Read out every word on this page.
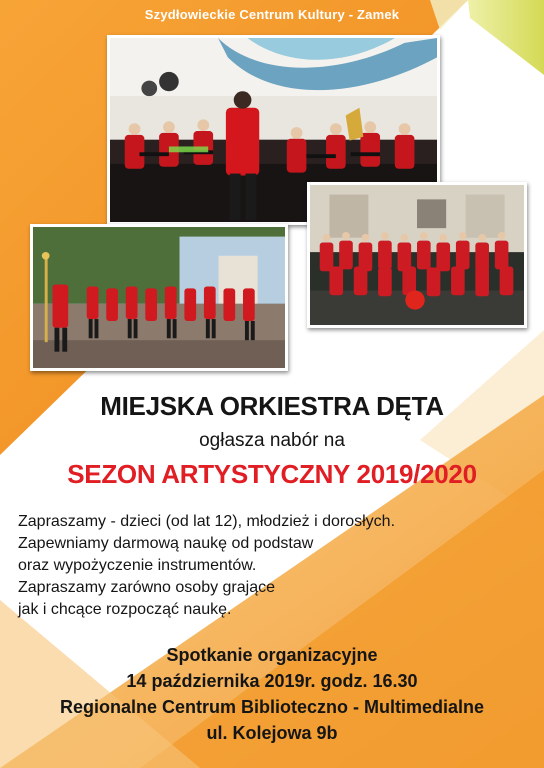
Szydłowieckie Centrum Kultury - Zamek
MIEJSKA ORKIESTRA DĘTA
ogłasza nabór na
SEZON ARTYSTYCZNY 2019/2020
Zapraszamy - dzieci (od lat 12), młodzież i dorosłych.
Zapewniamy darmową naukę od podstaw
oraz wypożyczenie instrumentów.
Zapraszamy zarówno osoby grające
jak i chcące rozpocząć naukę.
Spotkanie organizacyjne
14 października 2019r. godz. 16.30
Regionalne Centrum Biblioteczno - Multimedialne
ul. Kolejowa 9b
